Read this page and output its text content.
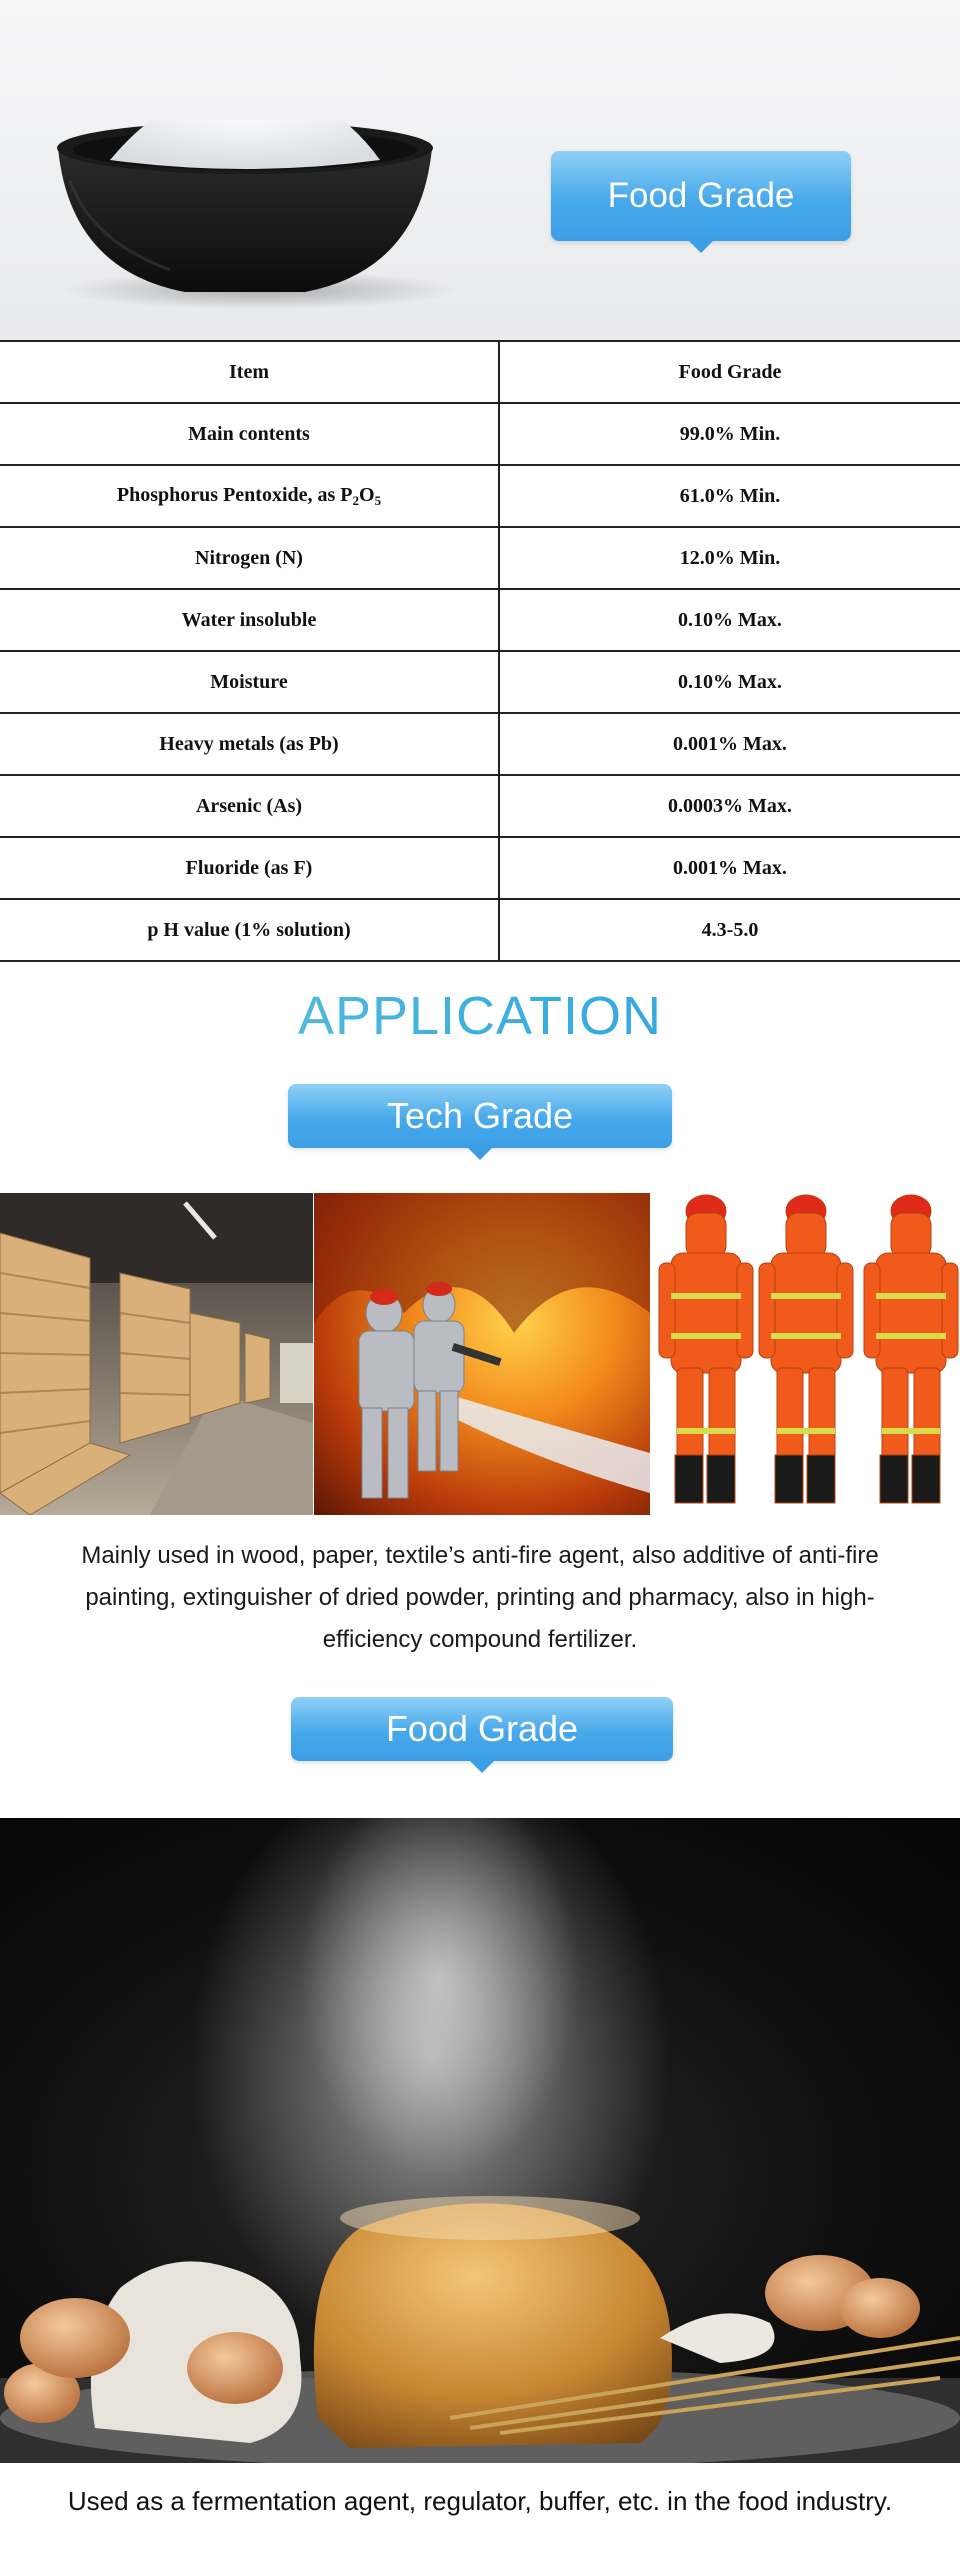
Food Grade
Item	Food Grade
Main contents	99.0% Min.
Phosphorus Pentoxide, as $P_2O_5$	61.0% Min.
Nitrogen (N)	12.0% Min.
Water insoluble	0.10% Max.
Moisture	0.10% Max.
Heavy metals (as Pb)	0.001% Max.
Arsenic (As)	0.0003% Max.
Fluoride (as F)	0.001% Max.
p H value (1% solution)	4.3-5.0
APPLICATION
Tech Grade
Mainly used in wood, paper, textile’s anti-fire agent, also additive of anti-fire painting, extinguisher of dried powder, printing and pharmacy, also in high-efficiency compound fertilizer.
Food Grade
Used as a fermentation agent, regulator, buffer, etc. in the food industry.
